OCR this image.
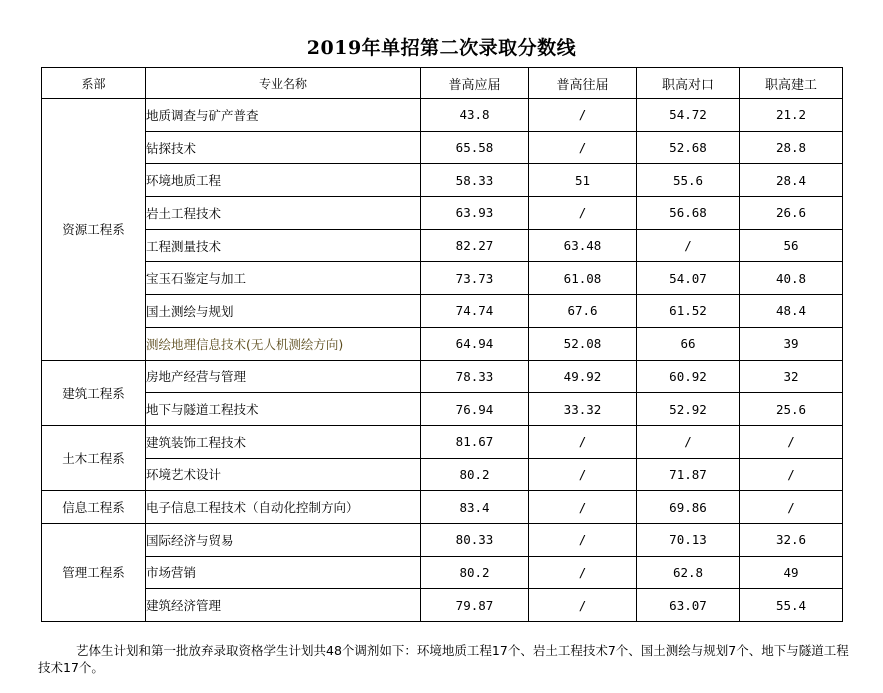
2019年单招第二次录取分数线
系部	专业名称	普高应届	普高往届	职高对口	职高建工
资源工程系	地质调查与矿产普查	43.8	/	54.72	21.2
	钻探技术	65.58	/	52.68	28.8
	环境地质工程	58.33	51	55.6	28.4
	岩土工程技术	63.93	/	56.68	26.6
	工程测量技术	82.27	63.48	/	56
	宝玉石鉴定与加工	73.73	61.08	54.07	40.8
	国土测绘与规划	74.74	67.6	61.52	48.4
	测绘地理信息技术(无人机测绘方向)	64.94	52.08	66	39
建筑工程系	房地产经营与管理	78.33	49.92	60.92	32
	地下与隧道工程技术	76.94	33.32	52.92	25.6
土木工程系	建筑装饰工程技术	81.67	/	/	/
	环境艺术设计	80.2	/	71.87	/
信息工程系	电子信息工程技术（自动化控制方向）	83.4	/	69.86	/
管理工程系	国际经济与贸易	80.33	/	70.13	32.6
	市场营销	80.2	/	62.8	49
	建筑经济管理	79.87	/	63.07	55.4
艺体生计划和第一批放弃录取资格学生计划共48个调剂如下：环境地质工程17个、岩土工程技术7个、国土测绘与规划7个、地下与隧道工程技术17个。
